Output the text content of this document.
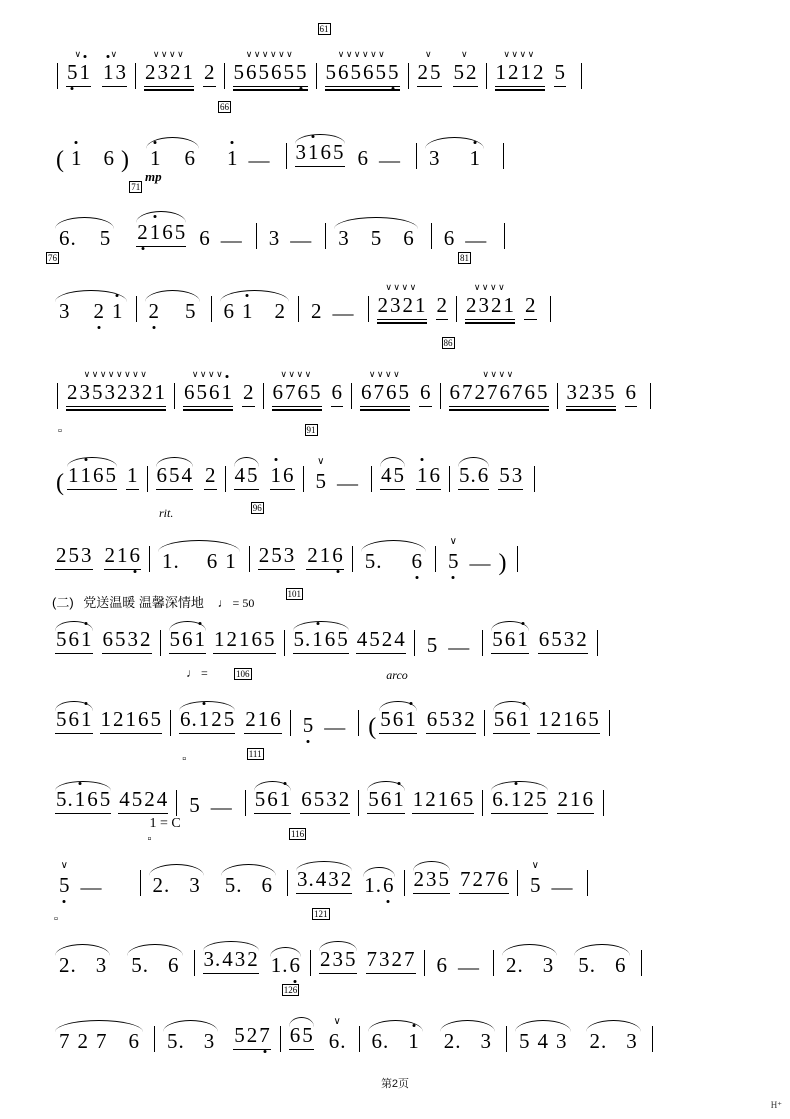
∨
5 1
∨
1 3
∨∨∨∨
2 3 2 1 2
∨∨∨∨∨∨
5 6 5 6 5 5
61
∨∨∨∨∨∨
5 6 5 6 5 5
∨
2 5
∨
5 2
∨∨∨∨
1 2 1 2 5
( 1 6 )
mp
1 6
66
1 — 3 1 6 5 6 — 3 1
6. 5
71
2 1 6 5 6 — 3 — 3 5 6 6 —
76
3 2 1 2 5 6 1 2 2 —
∨∨∨∨
2 3 2 1 2
81
∨∨∨∨
2 3 2 1 2
∨∨∨∨∨∨∨∨
2 3 5 3 2 3 2 1
∨∨∨∨
6 5 6 1 2
∨∨∨∨
6 7 6 5 6
∨∨∨∨
6 7 6 5 6
86
∨∨∨∨
6 7 2 7 6 7 6 5 3 2 3 5 6
▫
( 1 1 6 5 1 6 5 4 2 4 5 1 6
91
∨
5 — 4 5 1 6 5. 6 5 3
2 5 3 2 1 6
rit.
1. 6 1
96
2 5 3 2 1 6 5. 6
∨
5 — )
(二) 党送温暖 温馨深情地 ♩ = 50
5 6 1 6 5 3 2 5 6 1 1 2 1 6 5
101
5. 1 6 5 4 5 2 4 5 — 5 6 1 6 5 3 2
5 6 1 1 2 1 6 5
♩ =	106
6. 1 2 5 2 1 6 5 —
arco
( 5 6 1 6 5 3 2 5 6 1 1 2 1 6 5
5. 1 6 5 4 5 2 4
▫
5 —
111
5 6 1 6 5 3 2 5 6 1 1 2 1 6 5 6. 1 2 5 2 1 6
∨
5 —
1 = C
▫
2. 3 5. 6
116
3. 4 3 2 1. 6 2 3 5 7 2 7 6
∨
5 —
▫
2. 3 5. 6 3. 4 3 2 1. 6
121
2 3 5 7 3 2 7 6 — 2. 3 5. 6
7 2 7 6 5. 3 5 2 7
126
6 5
∨
6. 6. 1 2. 3 5 4 3 2. 3
第2页
H⁺
